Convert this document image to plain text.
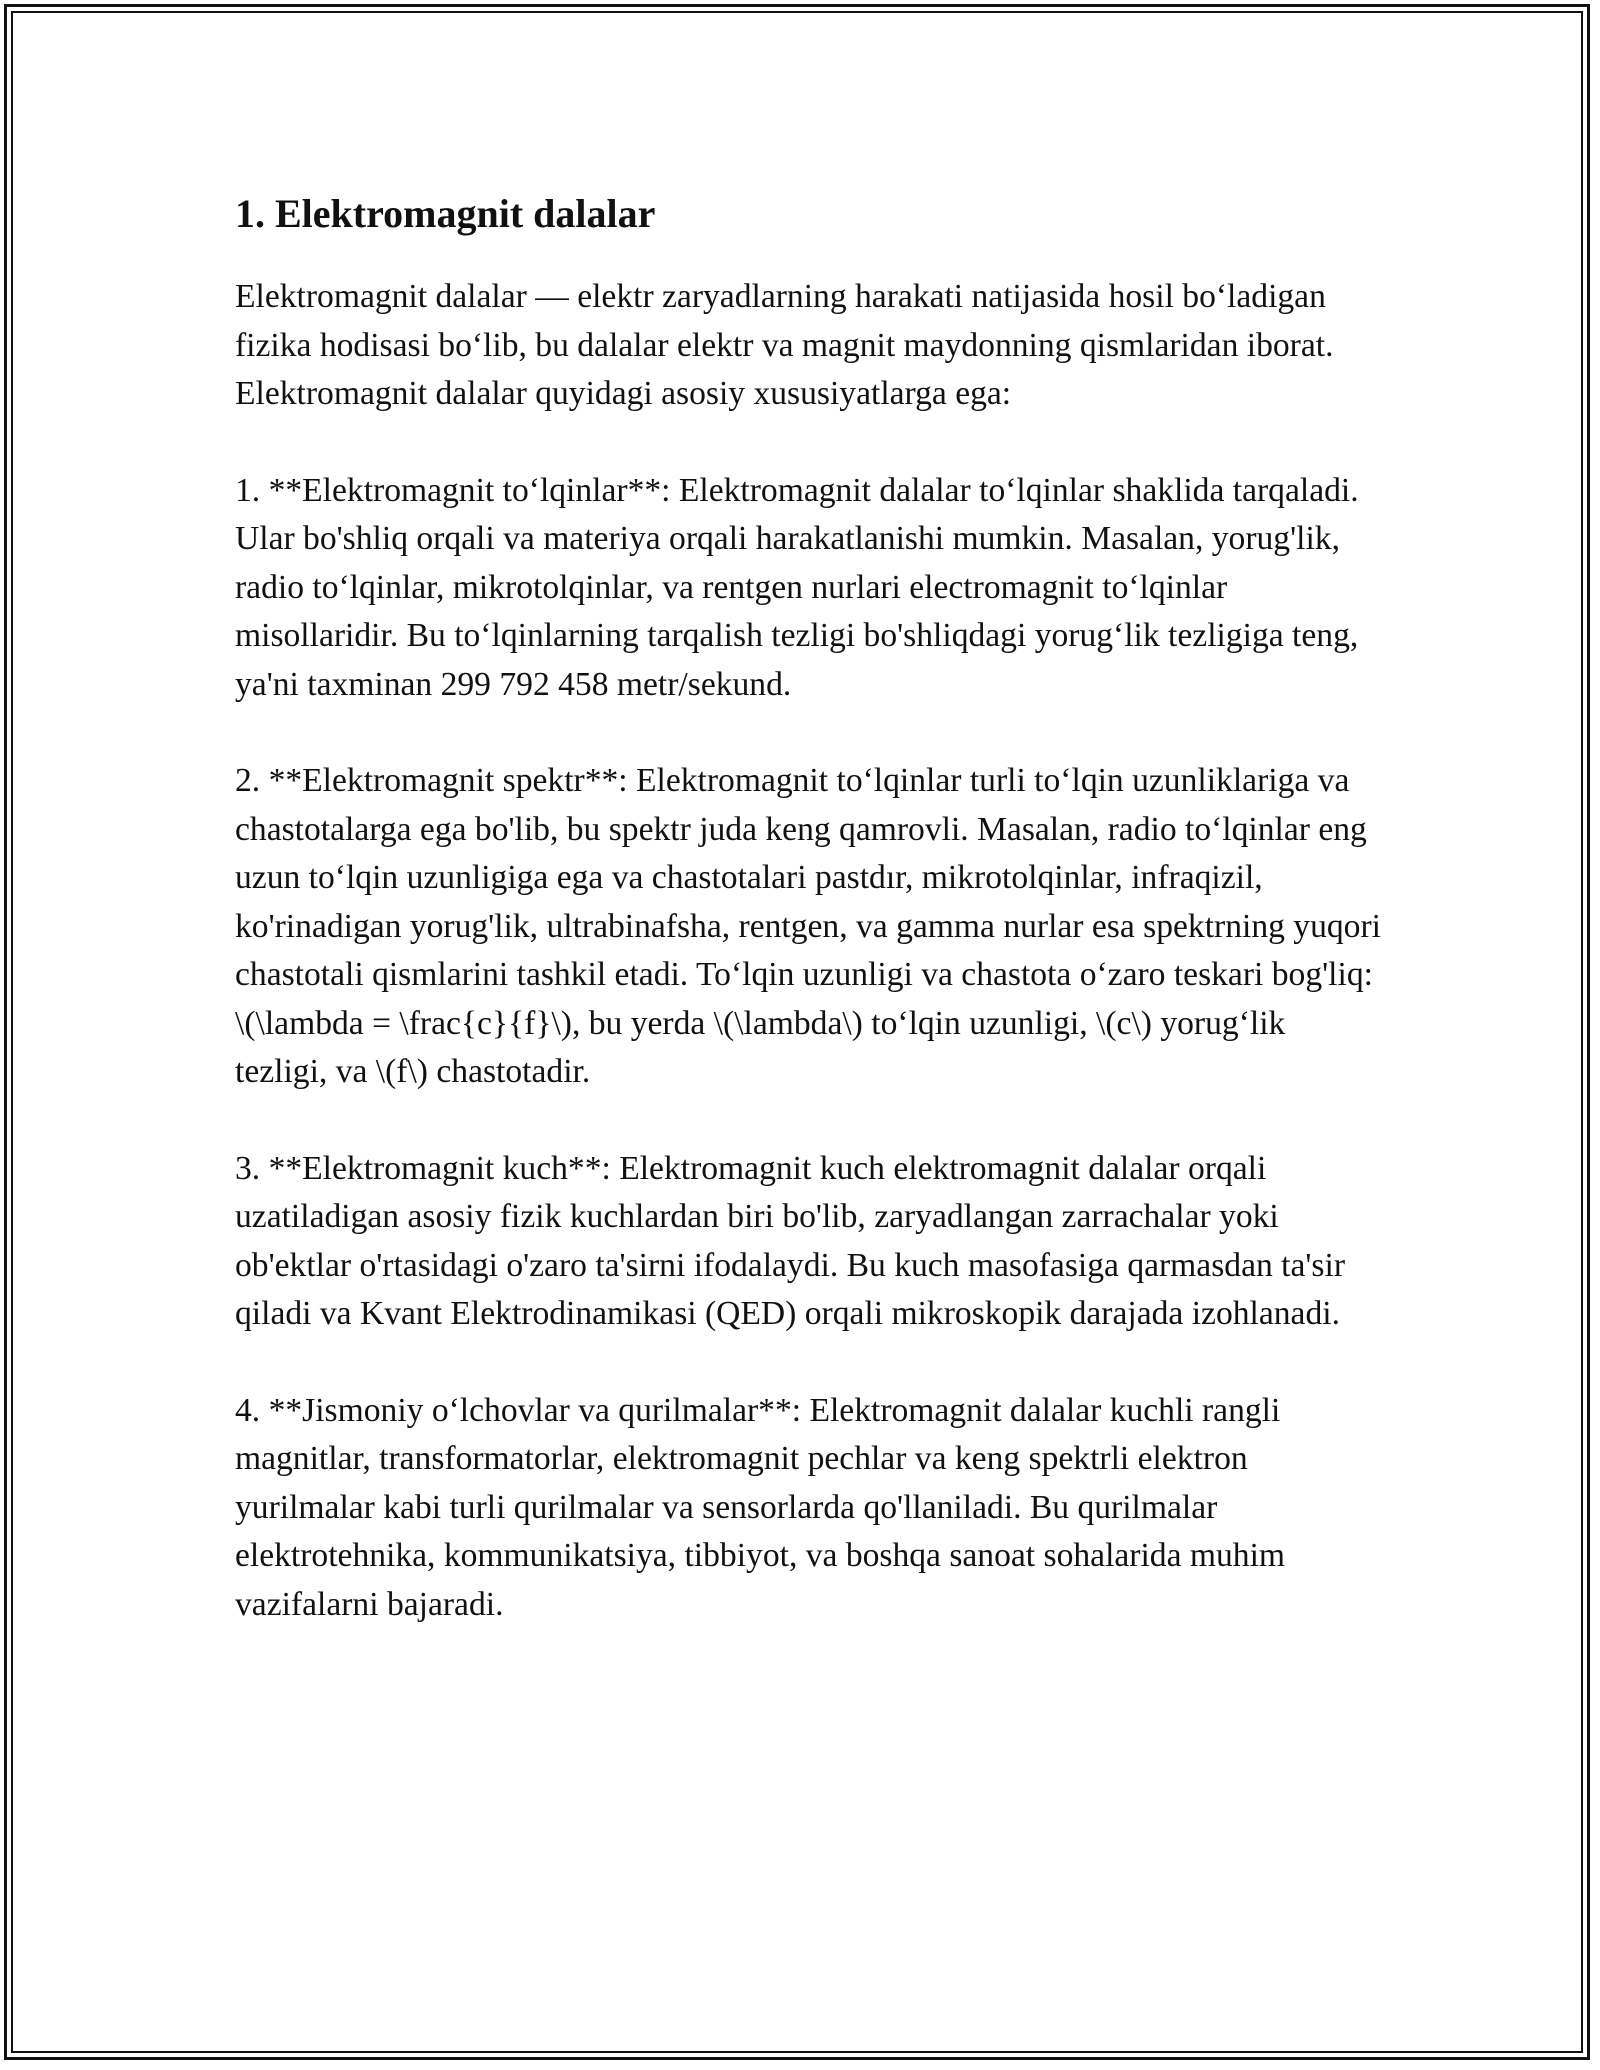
1. Elektromagnit dalalar

Elektromagnit dalalar — elektr zaryadlarning harakati natijasida hosil bo‘ladigan fizika hodisasi bo‘lib, bu dalalar elektr va magnit maydonning qismlaridan iborat. Elektromagnit dalalar quyidagi asosiy xususiyatlarga ega:

1. **Elektromagnit to‘lqinlar**: Elektromagnit dalalar to‘lqinlar shaklida tarqaladi. Ular bo'shliq orqali va materiya orqali harakatlanishi mumkin. Masalan, yorug'lik, radio to‘lqinlar, mikrotolqinlar, va rentgen nurlari electromagnit to‘lqinlar misollaridir. Bu to‘lqinlarning tarqalish tezligi bo'shliqdagi yorug‘lik tezligiga teng, ya'ni taxminan 299 792 458 metr/sekund.

2. **Elektromagnit spektr**: Elektromagnit to‘lqinlar turli to‘lqin uzunliklariga va chastotalarga ega bo'lib, bu spektr juda keng qamrovli. Masalan, radio to‘lqinlar eng uzun to‘lqin uzunligiga ega va chastotalari pastdır, mikrotolqinlar, infraqizil, ko'rinadigan yorug'lik, ultrabinafsha, rentgen, va gamma nurlar esa spektrning yuqori chastotali qismlarini tashkil etadi. To‘lqin uzunligi va chastota o‘zaro teskari bog'liq: \(\lambda = \frac{c}{f}\), bu yerda \(\lambda\) to‘lqin uzunligi, \(c\) yorug‘lik tezligi, va \(f\) chastotadir.

3. **Elektromagnit kuch**: Elektromagnit kuch elektromagnit dalalar orqali uzatiladigan asosiy fizik kuchlardan biri bo'lib, zaryadlangan zarrachalar yoki ob'ektlar o'rtasidagi o'zaro ta'sirni ifodalaydi. Bu kuch masofasiga qarmasdan ta'sir qiladi va Kvant Elektrodinamikasi (QED) orqali mikroskopik darajada izohlanadi.

4. **Jismoniy o‘lchovlar va qurilmalar**: Elektromagnit dalalar kuchli rangli magnitlar, transformatorlar, elektromagnit pechlar va keng spektrli elektron yurilmalar kabi turli qurilmalar va sensorlarda qo'llaniladi. Bu qurilmalar elektrotehnika, kommunikatsiya, tibbiyot, va boshqa sanoat sohalarida muhim vazifalarni bajaradi.
